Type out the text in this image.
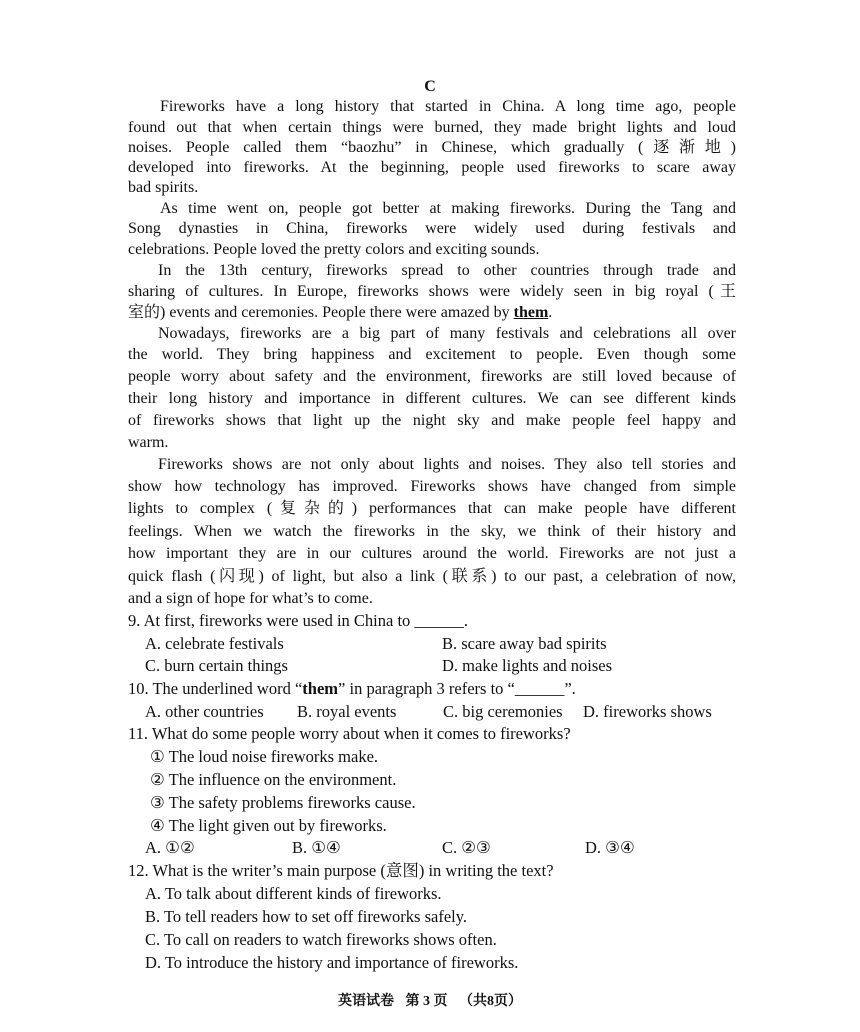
C
Fireworks have a long history that started in China. A long time ago, people
found out that when certain things were burned, they made bright lights and loud
noises. People called them “baozhu” in Chinese, which gradually (逐渐地)
developed into fireworks. At the beginning, people used fireworks to scare away
bad spirits.
As time went on, people got better at making fireworks. During the Tang and
Song dynasties in China, fireworks were widely used during festivals and
celebrations. People loved the pretty colors and exciting sounds.
In the 13th century, fireworks spread to other countries through trade and
sharing of cultures. In Europe, fireworks shows were widely seen in big royal (王
室的) events and ceremonies. People there were amazed by them.
Nowadays, fireworks are a big part of many festivals and celebrations all over
the world. They bring happiness and excitement to people. Even though some
people worry about safety and the environment, fireworks are still loved because of
their long history and importance in different cultures. We can see different kinds
of fireworks shows that light up the night sky and make people feel happy and
warm.
Fireworks shows are not only about lights and noises. They also tell stories and
show how technology has improved. Fireworks shows have changed from simple
lights to complex (复杂的) performances that can make people have different
feelings. When we watch the fireworks in the sky, we think of their history and
how important they are in our cultures around the world. Fireworks are not just a
quick flash (闪现) of light, but also a link (联系) to our past, a celebration of now,
and a sign of hope for what’s to come.
9. At first, fireworks were used in China to ______.
A. celebrate festivals	B. scare away bad spirits
C. burn certain things	D. make lights and noises
10. The underlined word “them” in paragraph 3 refers to “______”.
A. other countries B. royal events	C. big ceremonies D. fireworks shows
11. What do some people worry about when it comes to fireworks?
① The loud noise fireworks make.
② The influence on the environment.
③ The safety problems fireworks cause.
④ The light given out by fireworks.
A. ①②	B. ①④	C. ②③	D. ③④
12. What is the writer’s main purpose (意图) in writing the text?
A. To talk about different kinds of fireworks.
B. To tell readers how to set off fireworks safely.
C. To call on readers to watch fireworks shows often.
D. To introduce the history and importance of fireworks.
英语试卷 第 3 页 （共8页）
